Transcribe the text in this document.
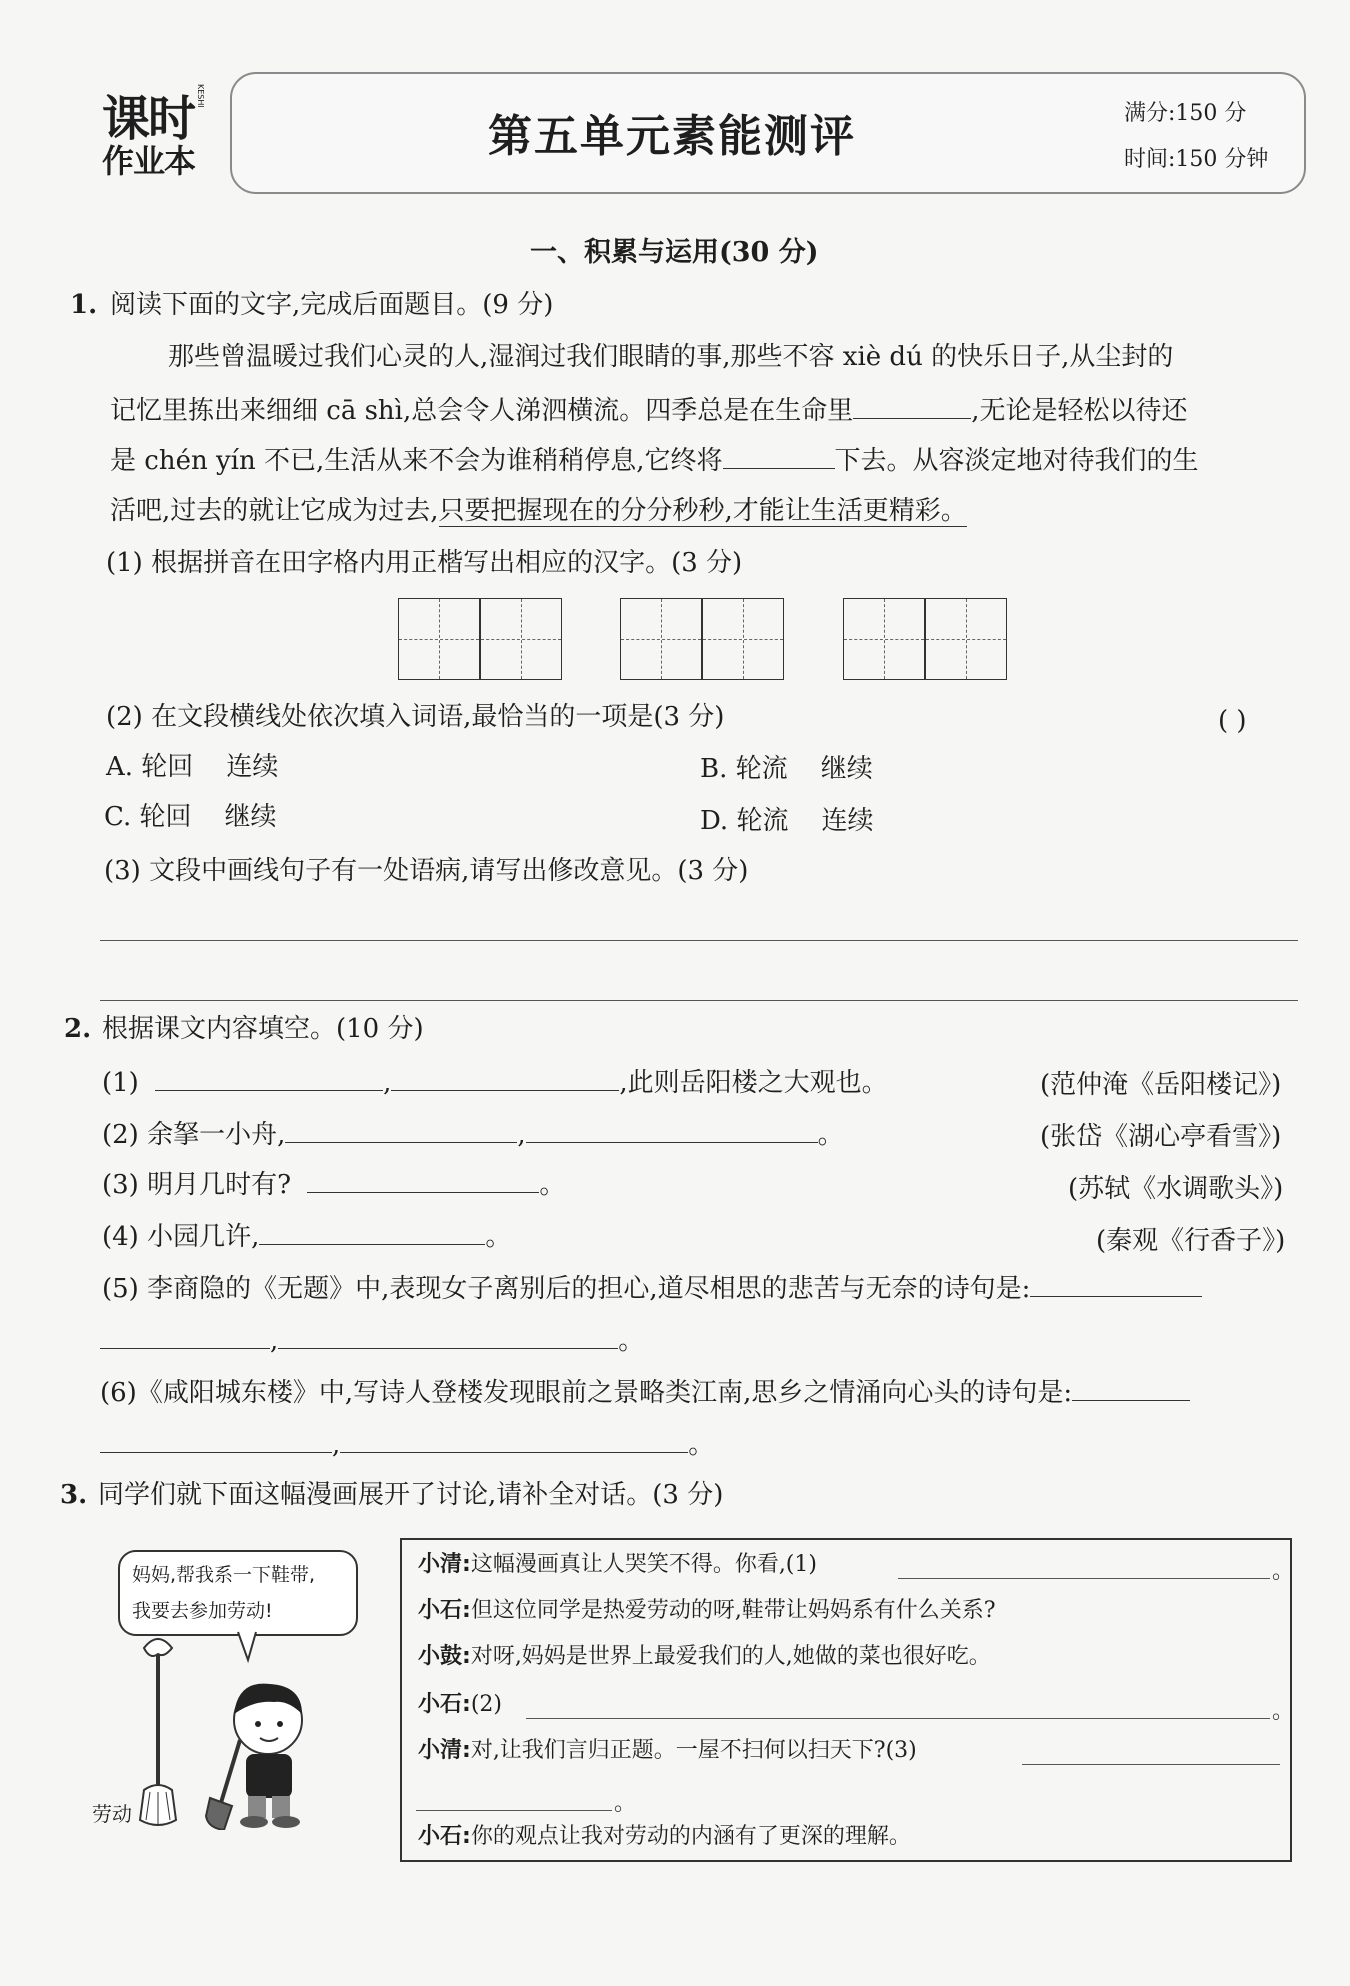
课时
作业本
KESHI
第五单元素能测评	满分:150 分
时间:150 分钟
一、积累与运用(30 分)
1. 阅读下面的文字,完成后面题目。(9 分)
那些曾温暖过我们心灵的人,湿润过我们眼睛的事,那些不容 xiè dú 的快乐日子,从尘封的
记忆里拣出来细细 cā shì,总会令人涕泗横流。四季总是在生命里	,无论是轻松以待还
是 chén yín 不已,生活从来不会为谁稍稍停息,它终将	下去。从容淡定地对待我们的生
活吧,过去的就让它成为过去,只要把握现在的分分秒秒,才能让生活更精彩。
(1) 根据拼音在田字格内用正楷写出相应的汉字。(3 分)
(2) 在文段横线处依次填入词语,最恰当的一项是(3 分)	( )
A. 轮回    连续	B. 轮流    继续
C. 轮回    继续	D. 轮流    连续
(3) 文段中画线句子有一处语病,请写出修改意见。(3 分)
2. 根据课文内容填空。(10 分)
(1)	,	,此则岳阳楼之大观也。	(范仲淹《岳阳楼记》)
(2) 余拏一小舟,	,	。	(张岱《湖心亭看雪》)
(3) 明月几时有?	。	(苏轼《水调歌头》)
(4) 小园几许,	。	(秦观《行香子》)
(5) 李商隐的《无题》中,表现女子离别后的担心,道尽相思的悲苦与无奈的诗句是:
,	。
(6)《咸阳城东楼》中,写诗人登楼发现眼前之景略类江南,思乡之情涌向心头的诗句是:
,	。
3. 同学们就下面这幅漫画展开了讨论,请补全对话。(3 分)
妈妈,帮我系一下鞋带,
我要去参加劳动!
劳动
小清:这幅漫画真让人哭笑不得。你看,(1)	。
小石:但这位同学是热爱劳动的呀,鞋带让妈妈系有什么关系?
小鼓:对呀,妈妈是世界上最爱我们的人,她做的菜也很好吃。
小石:(2)	。
小清:对,让我们言归正题。一屋不扫何以扫天下?(3)
。
小石:你的观点让我对劳动的内涵有了更深的理解。
